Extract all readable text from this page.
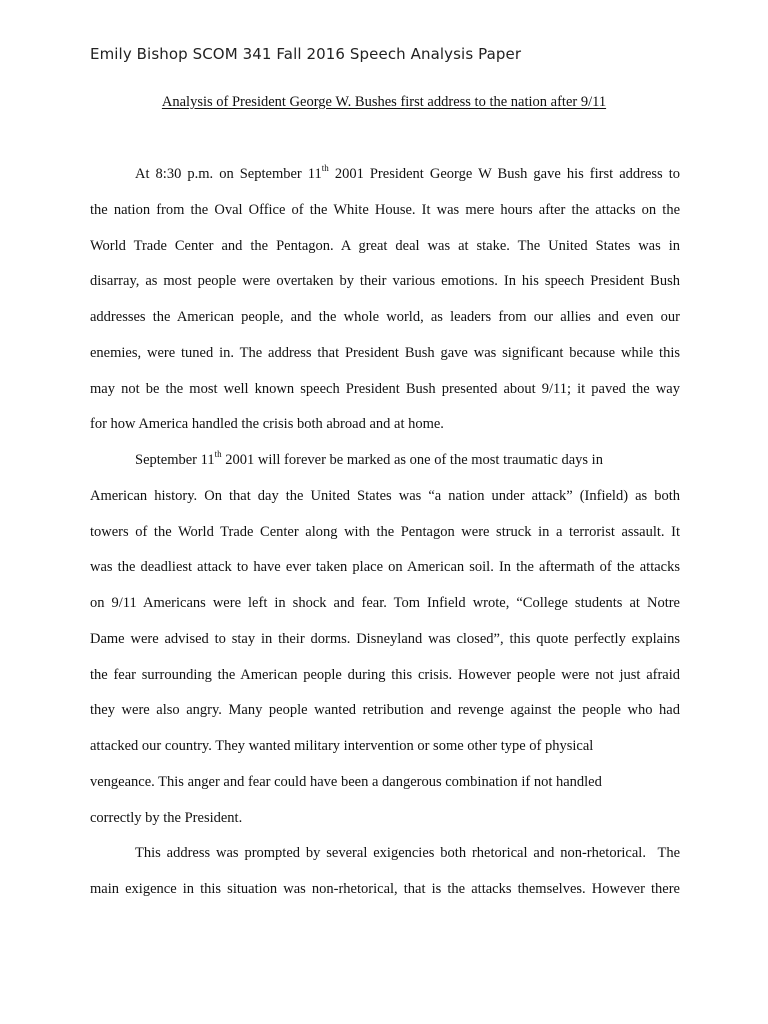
Emily Bishop SCOM 341 Fall 2016 Speech Analysis Paper
Analysis of President George W. Bushes first address to the nation after 9/11
At 8:30 p.m. on September 11th 2001 President George W Bush gave his first address to
the nation from the Oval Office of the White House. It was mere hours after the attacks on the
World Trade Center and the Pentagon. A great deal was at stake. The United States was in
disarray, as most people were overtaken by their various emotions. In his speech President Bush
addresses the American people, and the whole world, as leaders from our allies and even our
enemies, were tuned in. The address that President Bush gave was significant because while this
may not be the most well known speech President Bush presented about 9/11; it paved the way
for how America handled the crisis both abroad and at home.
September 11th 2001 will forever be marked as one of the most traumatic days in
American history. On that day the United States was “a nation under attack” (Infield) as both
towers of the World Trade Center along with the Pentagon were struck in a terrorist assault. It
was the deadliest attack to have ever taken place on American soil. In the aftermath of the attacks
on 9/11 Americans were left in shock and fear. Tom Infield wrote, “College students at Notre
Dame were advised to stay in their dorms. Disneyland was closed”, this quote perfectly explains
the fear surrounding the American people during this crisis. However people were not just afraid
they were also angry. Many people wanted retribution and revenge against the people who had
attacked our country. They wanted military intervention or some other type of physical
vengeance. This anger and fear could have been a dangerous combination if not handled
correctly by the President.
This address was prompted by several exigencies both rhetorical and non-rhetorical.  The
main exigence in this situation was non-rhetorical, that is the attacks themselves. However there
